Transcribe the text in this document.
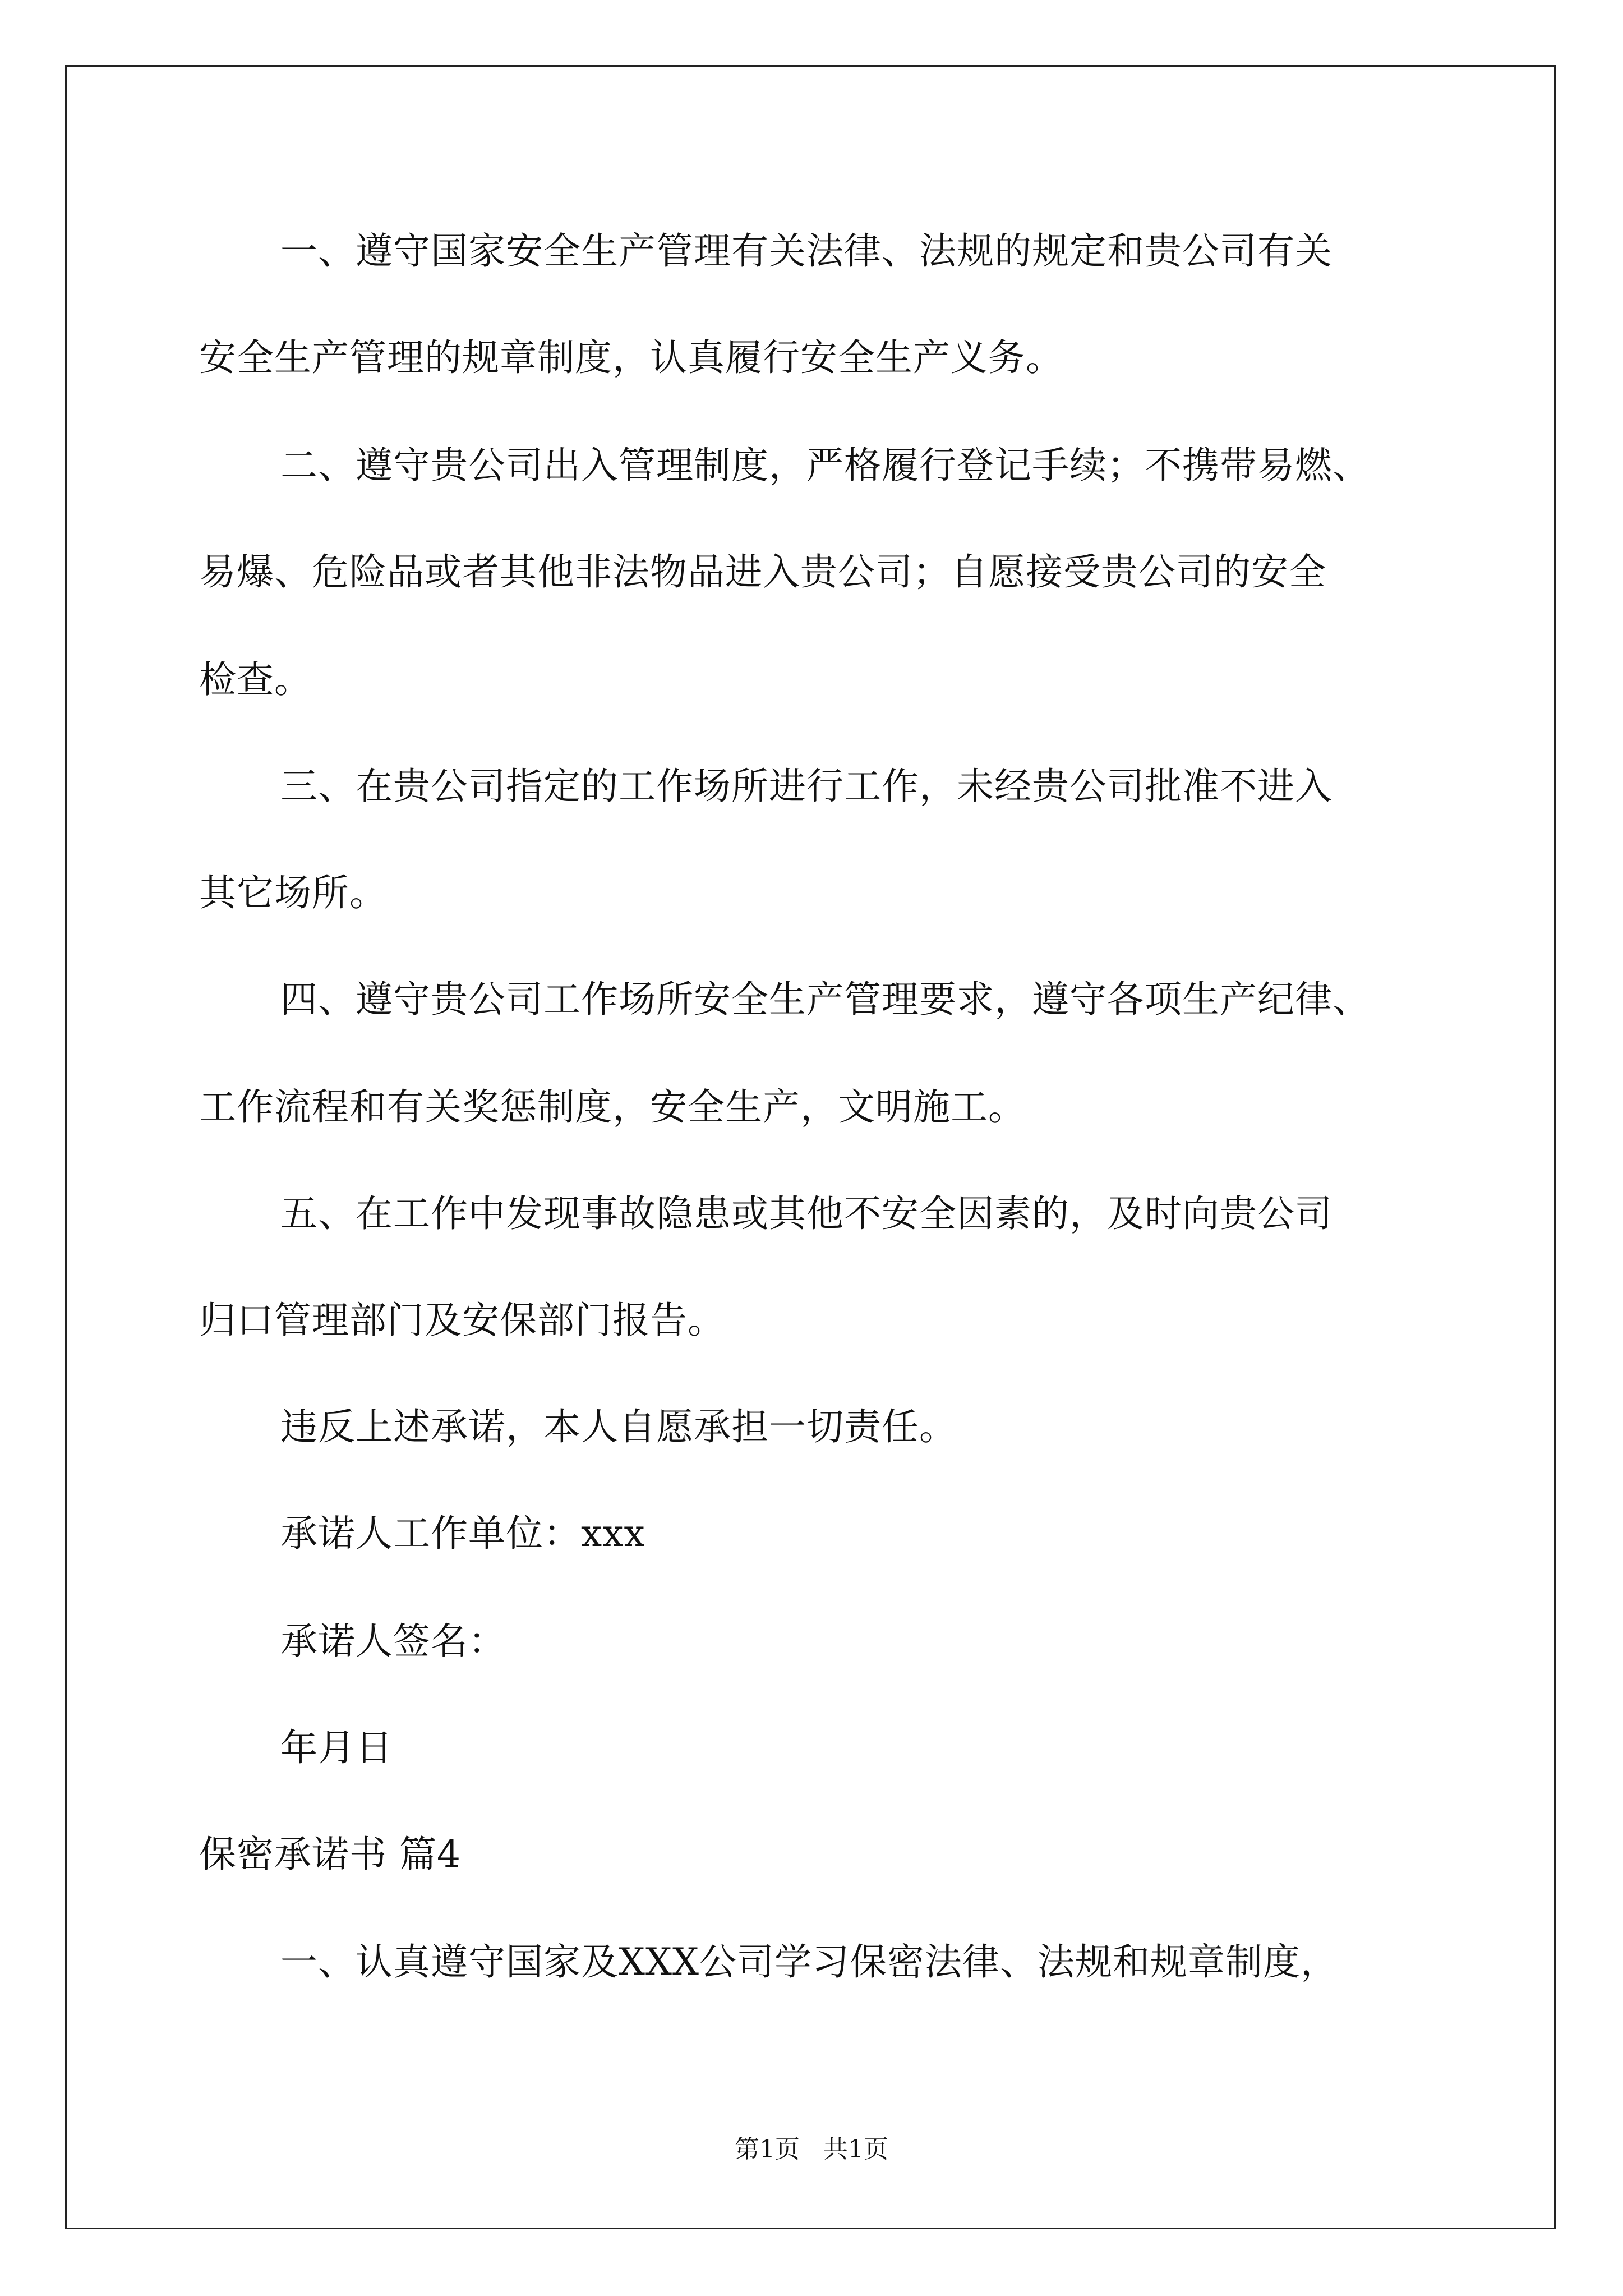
一、遵守国家安全生产管理有关法律、法规的规定和贵公司有关
安全生产管理的规章制度，认真履行安全生产义务。
二、遵守贵公司出入管理制度，严格履行登记手续；不携带易燃、
易爆、危险品或者其他非法物品进入贵公司；自愿接受贵公司的安全
检查。
三、在贵公司指定的工作场所进行工作，未经贵公司批准不进入
其它场所。
四、遵守贵公司工作场所安全生产管理要求，遵守各项生产纪律、
工作流程和有关奖惩制度，安全生产，文明施工。
五、在工作中发现事故隐患或其他不安全因素的，及时向贵公司
归口管理部门及安保部门报告。
违反上述承诺，本人自愿承担一切责任。
承诺人工作单位：xxx
承诺人签名：
年月日
保密承诺书 篇4
一、认真遵守国家及XXX公司学习保密法律、法规和规章制度，
第1页 共1页
